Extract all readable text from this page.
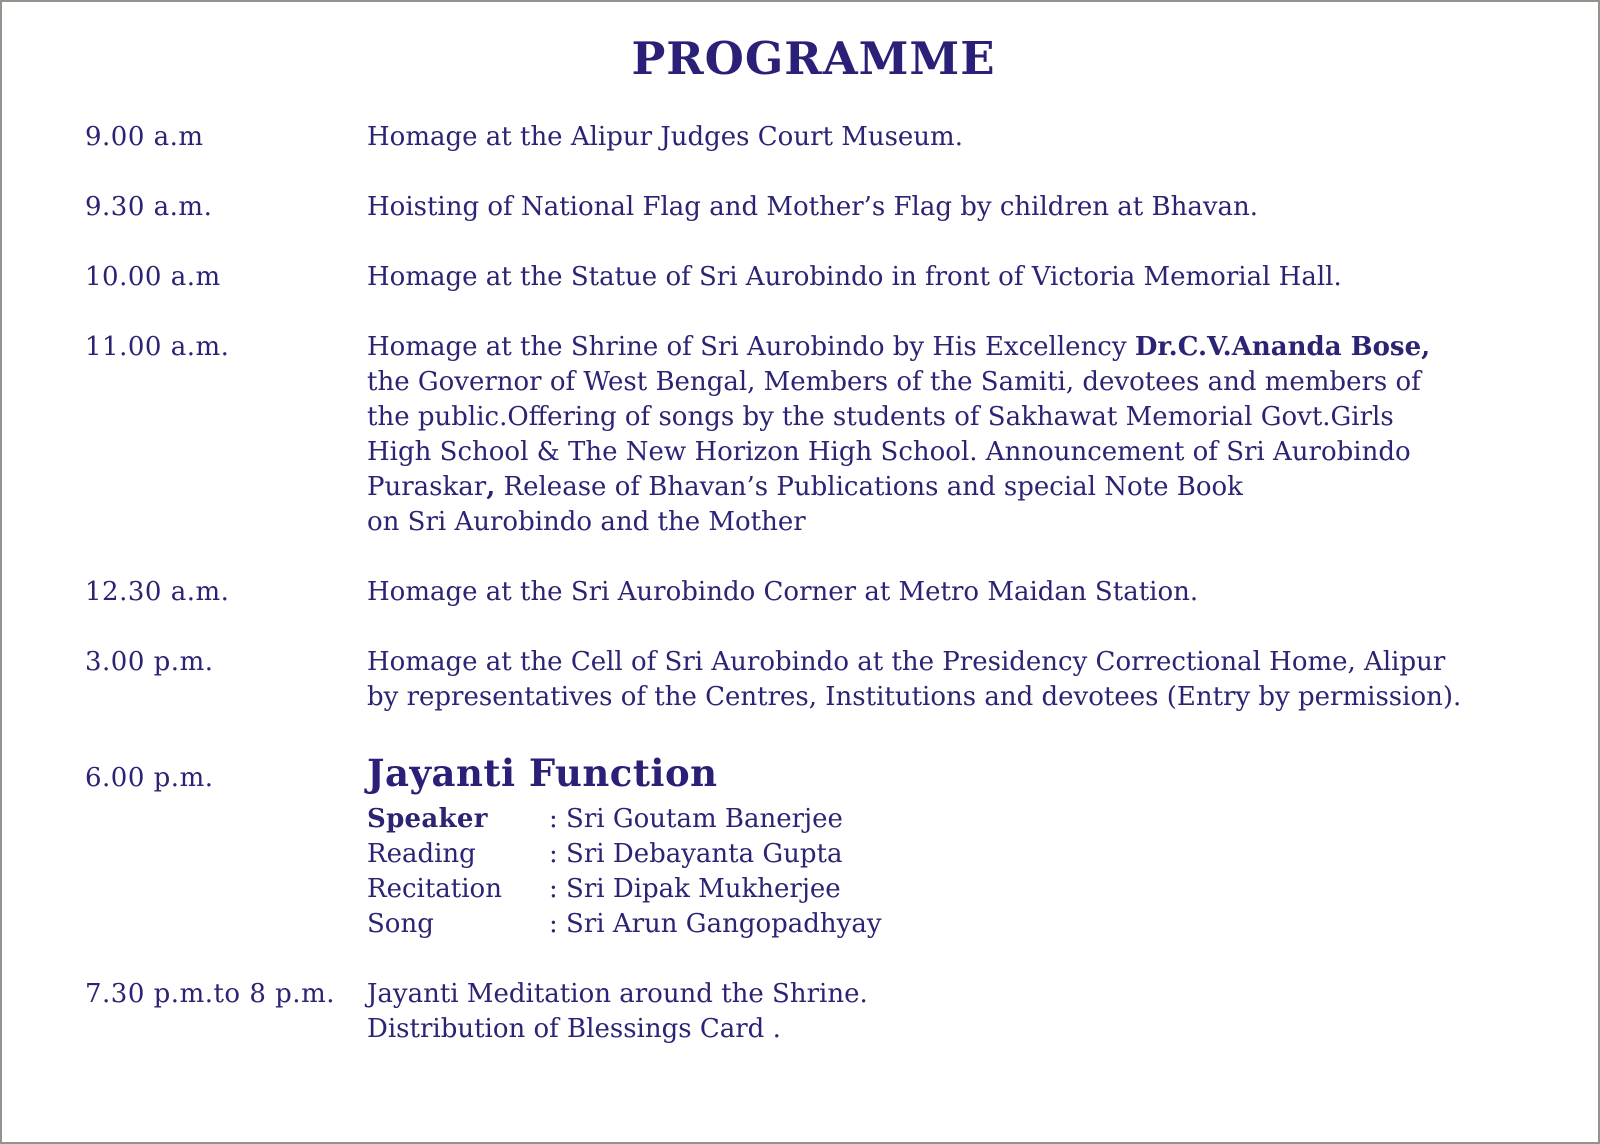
PROGRAMME
9.00 a.m	Homage at the Alipur Judges Court Museum.
9.30 a.m.	Hoisting of National Flag and Mother’s Flag by children at Bhavan.
10.00 a.m	Homage at the Statue of Sri Aurobindo in front of Victoria Memorial Hall.
11.00 a.m.	Homage at the Shrine of Sri Aurobindo by His Excellency Dr.C.V.Ananda Bose,
the Governor of West Bengal, Members of the Samiti, devotees and members of
the public.Offering of songs by the students of Sakhawat Memorial Govt.Girls
High School & The New Horizon High School. Announcement of Sri Aurobindo
Puraskar, Release of Bhavan’s Publications and special Note Book
on Sri Aurobindo and the Mother
12.30 a.m.	Homage at the Sri Aurobindo Corner at Metro Maidan Station.
3.00 p.m.	Homage at the Cell of Sri Aurobindo at the Presidency Correctional Home, Alipur
by representatives of the Centres, Institutions and devotees (Entry by permission).
6.00 p.m.	Jayanti Function
Speaker	: Sri Goutam Banerjee
Reading	: Sri Debayanta Gupta
Recitation	: Sri Dipak Mukherjee
Song	: Sri Arun Gangopadhyay
7.30 p.m.to 8 p.m.	Jayanti Meditation around the Shrine.
Distribution of Blessings Card .
